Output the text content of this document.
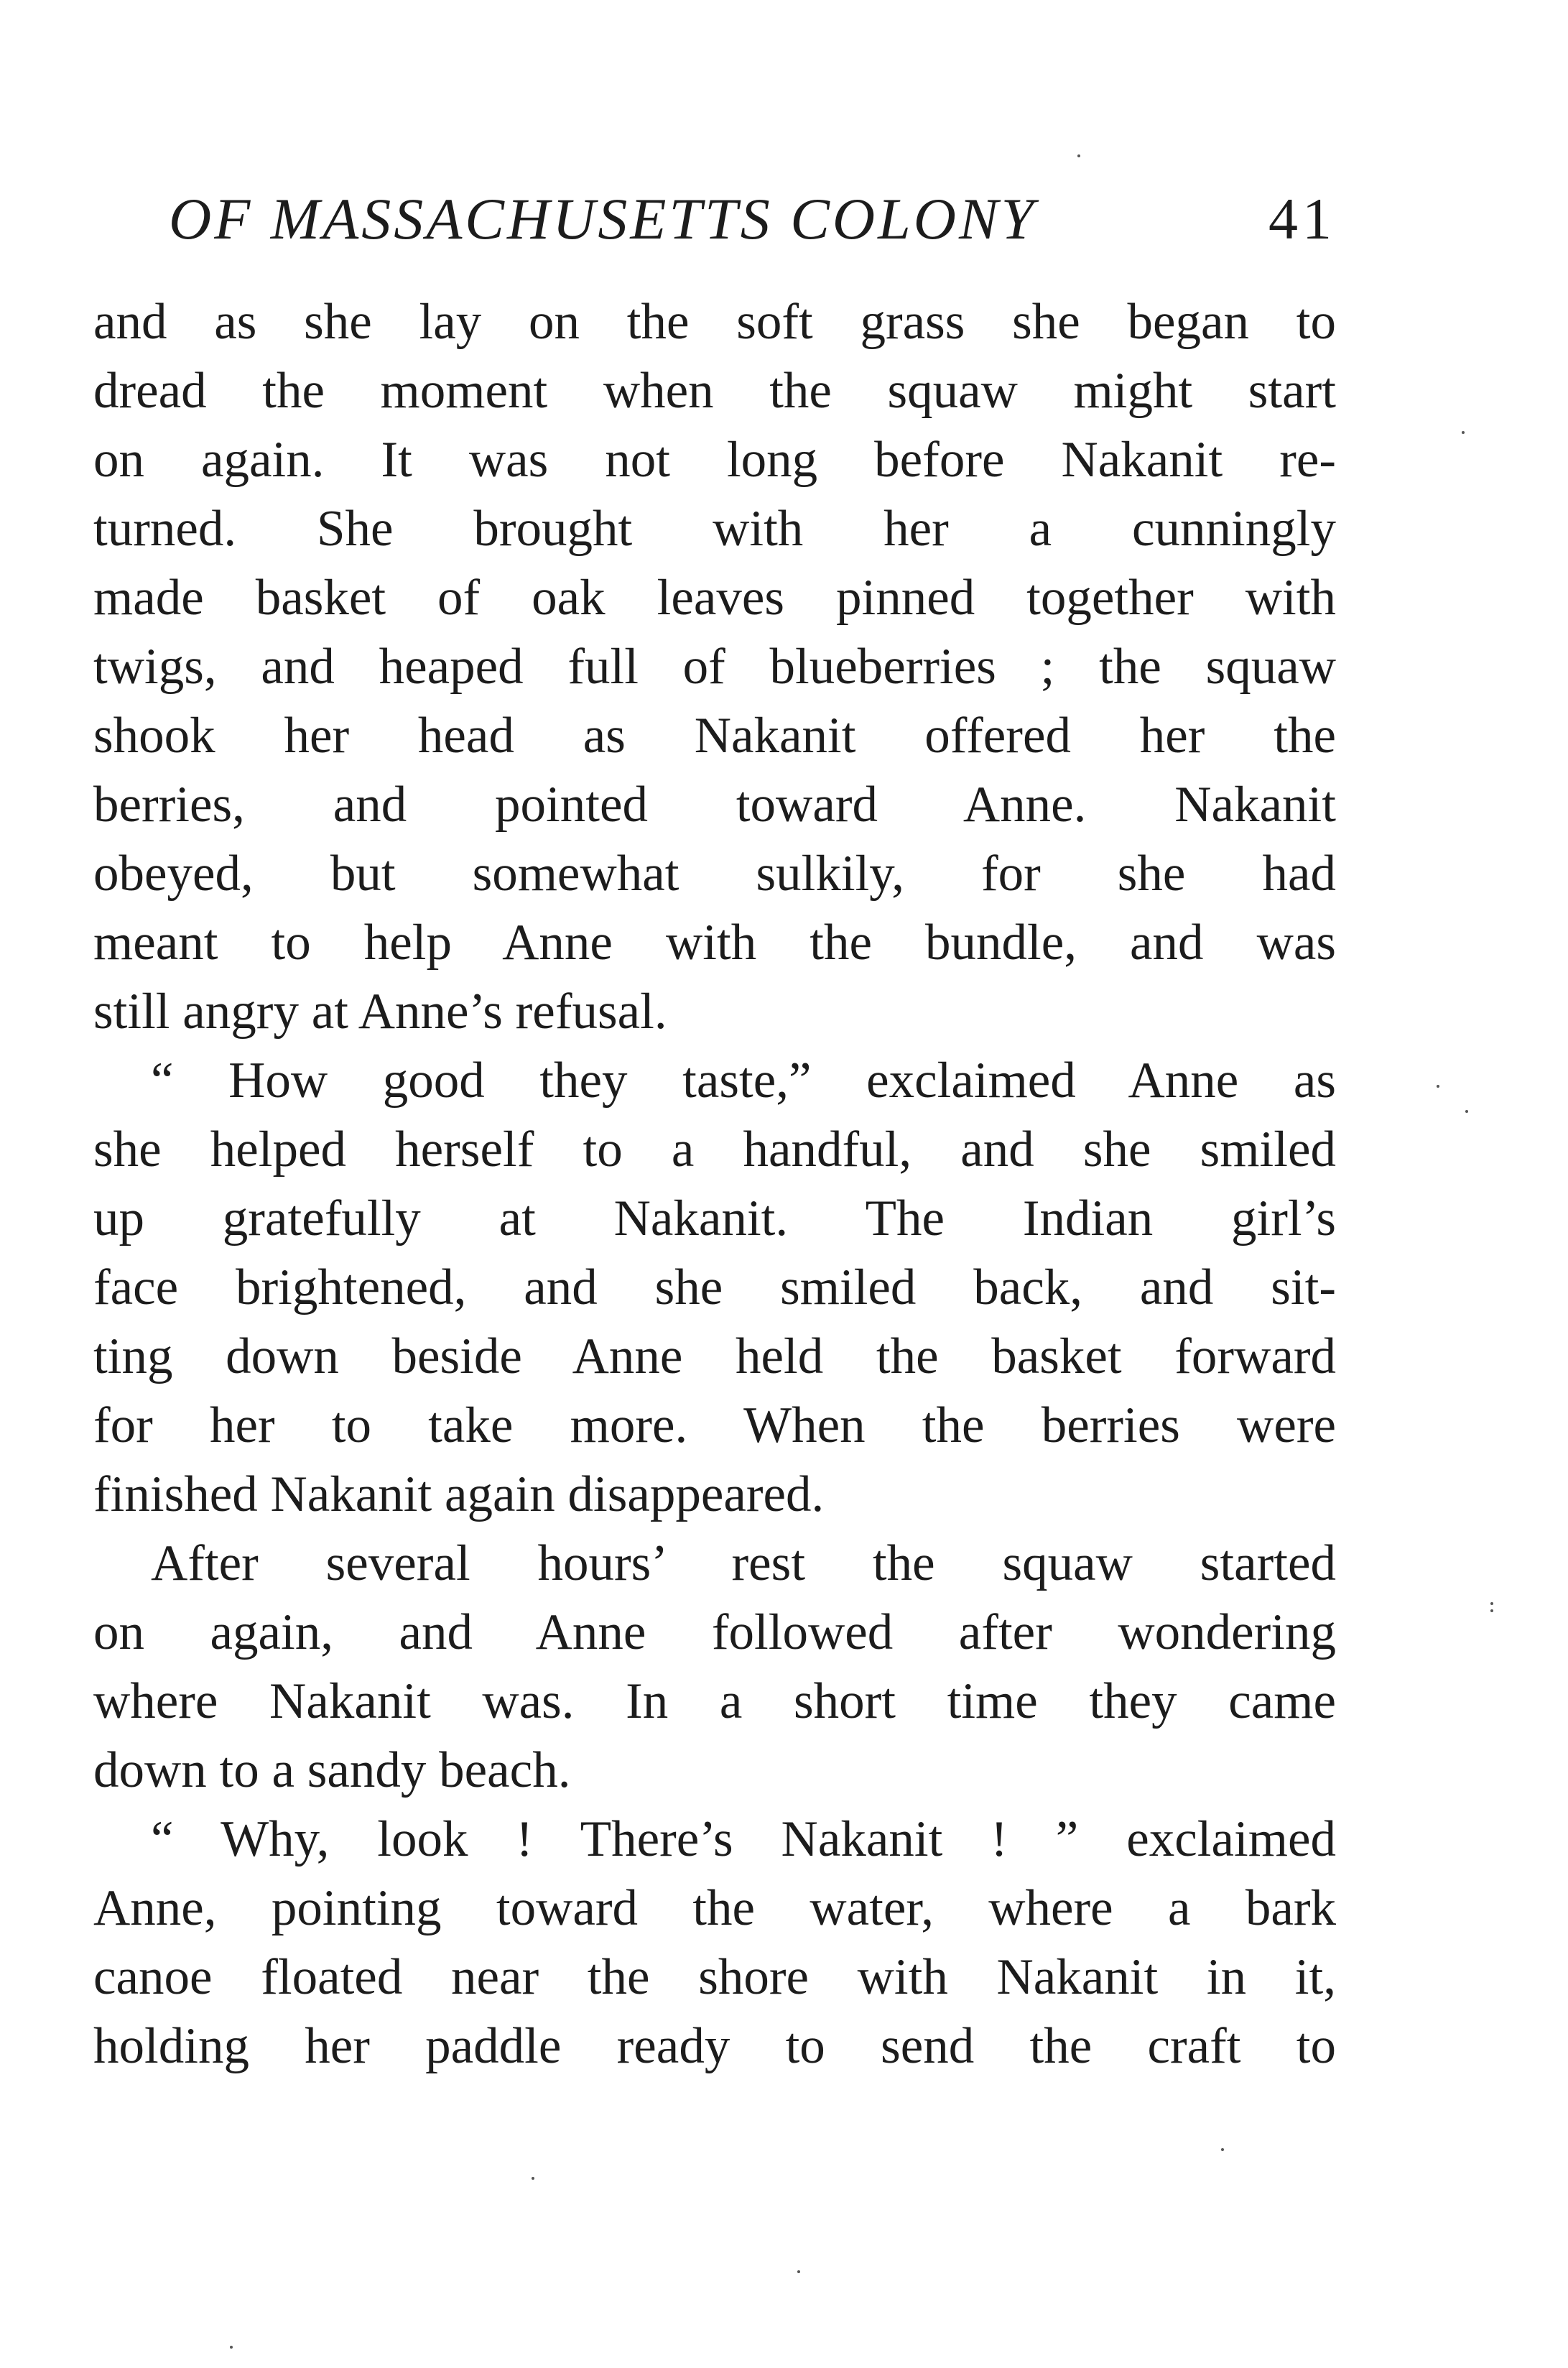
OF MASSACHUSETTS COLONY	41
and as she lay on the soft grass she began to
dread the moment when the squaw might start
on again. It was not long before Nakanit re-
turned. She brought with her a cunningly
made basket of oak leaves pinned together with
twigs, and heaped full of blueberries ; the squaw
shook her head as Nakanit offered her the
berries, and pointed toward Anne. Nakanit
obeyed, but somewhat sulkily, for she had
meant to help Anne with the bundle, and was
still angry at Anne’s refusal.
“ How good they taste,” exclaimed Anne as
she helped herself to a handful, and she smiled
up gratefully at Nakanit. The Indian girl’s
face brightened, and she smiled back, and sit-
ting down beside Anne held the basket forward
for her to take more. When the berries were
finished Nakanit again disappeared.
After several hours’ rest the squaw started
on again, and Anne followed after wondering
where Nakanit was. In a short time they came
down to a sandy beach.
“ Why, look ! There’s Nakanit ! ” exclaimed
Anne, pointing toward the water, where a bark
canoe floated near the shore with Nakanit in it,
holding her paddle ready to send the craft to
